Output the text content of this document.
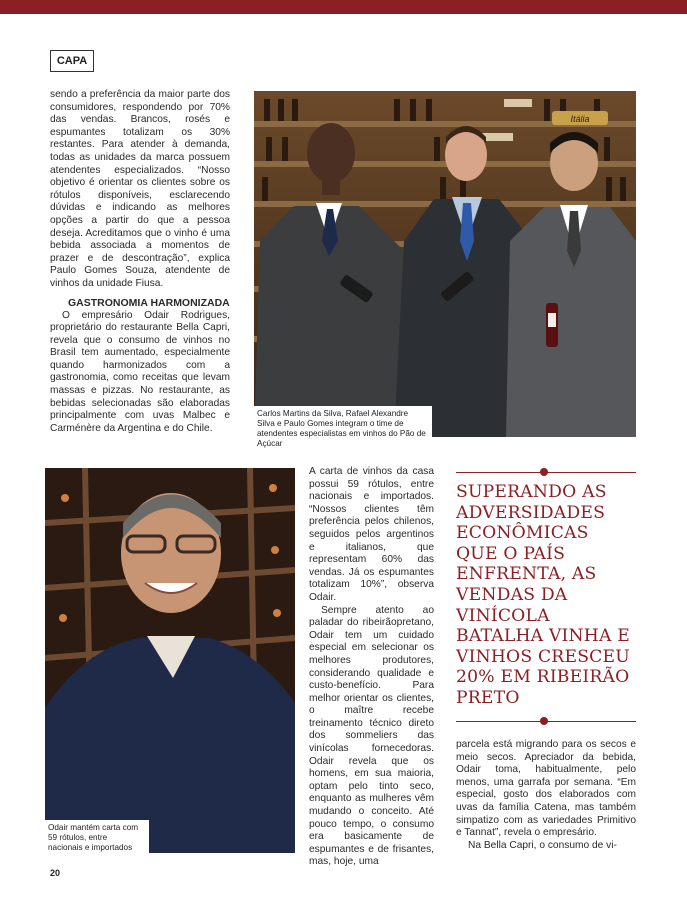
CAPA

sendo a preferência da maior parte dos consumidores, respondendo por 70% das vendas. Brancos, rosés e espumantes totalizam os 30% restantes. Para atender à demanda, todas as unidades da marca possuem atendentes especializados. “Nosso objetivo é orientar os clientes sobre os rótulos disponíveis, esclarecendo dúvidas e indicando as melhores opções a partir do que a pessoa deseja. Acreditamos que o vinho é uma bebida associada a momentos de prazer e de descontração”, explica Paulo Gomes Souza, atendente de vinhos da unidade Fiusa.

GASTRONOMIA HARMONIZADA

O empresário Odair Rodrigues, proprietário do restaurante Bella Capri, revela que o consumo de vinhos no Brasil tem aumentado, especialmente quando harmonizados com a gastronomia, como receitas que levam massas e pizzas. No restaurante, as bebidas selecionadas são elaboradas principalmente com uvas Malbec e Carménère da Argentina e do Chile.

Itália
Carlos Martins da Silva, Rafael Alexandre Silva e Paulo Gomes integram o time de atendentes especialistas em vinhos do Pão de Açúcar
Odair mantém carta com 59 rótulos, entre nacionais e importados

A carta de vinhos da casa possui 59 rótulos, entre nacionais e importados. “Nossos clientes têm preferência pelos chilenos, seguidos pelos argentinos e italianos, que representam 60% das vendas. Já os espumantes totalizam 10%”, observa Odair.

Sempre atento ao paladar do ribeirãopretano, Odair tem um cuidado especial em selecionar os melhores produtores, considerando qualidade e custo-benefício. Para melhor orientar os clientes, o maître recebe treinamento técnico direto dos sommeliers das vinícolas fornecedoras. Odair revela que os homens, em sua maioria, optam pelo tinto seco, enquanto as mulheres vêm mudando o conceito. Até pouco tempo, o consumo era basicamente de espumantes e de frisantes, mas, hoje, uma

SUPERANDO AS ADVERSIDADES ECONÔMICAS QUE O PAÍS ENFRENTA, AS VENDAS DA VINÍCOLA BATALHA VINHA E VINHOS CRESCEU 20% EM RIBEIRÃO PRETO

parcela está migrando para os secos e meio secos. Apreciador da bebida, Odair toma, habitualmente, pelo menos, uma garrafa por semana. “Em especial, gosto dos elaborados com uvas da família Catena, mas também simpatizo com as variedades Primitivo e Tannat”, revela o empresário.

Na Bella Capri, o consumo de vi-

20
